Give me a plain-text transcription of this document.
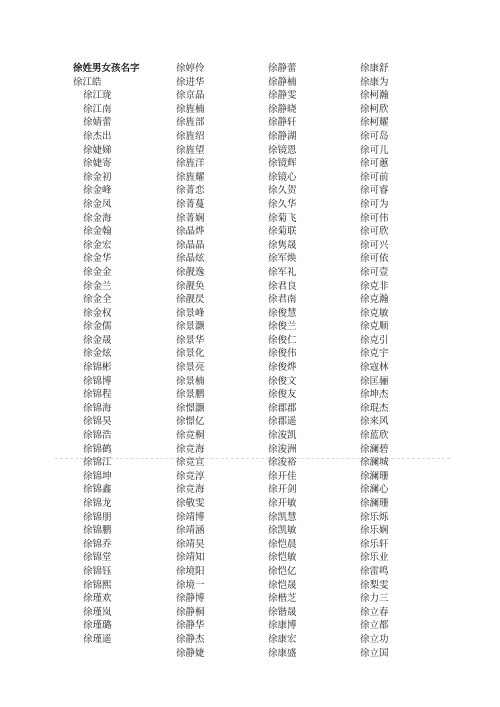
徐姓男女孩名字
徐江皓
徐江珑
徐江南
徐婧蕾
徐杰出
徐婕娣
徐婕寄
徐金初
徐金峰
徐金凤
徐金海
徐金翰
徐金宏
徐金华
徐金金
徐金兰
徐金全
徐金权
徐金儒
徐金晟
徐金炫
徐锦彬
徐锦博
徐锦程
徐锦海
徐锦昊
徐锦浩
徐锦鹤
徐锦江
徐锦坤
徐锦鑫
徐锦龙
徐锦朋
徐锦鹏
徐锦乔
徐锦堂
徐锦钰
徐锦熙
徐瑾欢
徐瑾岚
徐瑾璐
徐瑾遥
徐婷伶
徐进华
徐京晶
徐旌楠
徐旌部
徐旌绍
徐旌望
徐旌洋
徐旌耀
徐菁恋
徐菁蔓
徐菁娴
徐晶烨
徐晶晶
徐晶炫
徐靓逸
徐靓奂
徐靓昃
徐景峰
徐景灏
徐景华
徐景化
徐景亮
徐景楠
徐景鹏
徐憬灏
徐憬亿
徐竞桐
徐竞海
徐竞宣
徐竞淳
徐竞海
徐敬雯
徐靖博
徐靖涵
徐靖昊
徐靖知
徐境阳
徐境一
徐静博
徐静桐
徐静华
徐静杰
徐静婕
徐静蕾
徐静楠
徐静雯
徐静晓
徐静轩
徐静湖
徐镜恩
徐镜辉
徐镜心
徐久贺
徐久华
徐菊飞
徐菊联
徐隽晟
徐军焕
徐军礼
徐君良
徐君南
徐俊慧
徐俊兰
徐俊仁
徐俊伟
徐俊烨
徐俊文
徐俊友
徐郡郡
徐郡遥
徐浚凯
徐浚洲
徐浚裕
徐开佳
徐开剑
徐开敏
徐凯慧
徐凯敏
徐恺晨
徐恺敏
徐恺亿
徐恺晟
徐楷芝
徐锴晟
徐康博
徐康宏
徐康盛
徐康舒
徐康为
徐柯瀚
徐柯欣
徐柯耀
徐可岛
徐可儿
徐可蕙
徐可前
徐可睿
徐可为
徐可伟
徐可欣
徐可兴
徐可依
徐可壹
徐克非
徐克瀚
徐克敏
徐克顺
徐克引
徐克宇
徐寇林
徐匡骊
徐坤杰
徐琨杰
徐来风
徐蓝欣
徐澜碧
徐澜城
徐澜珊
徐澜心
徐澜珊
徐乐烁
徐乐娴
徐乐轩
徐乐业
徐雷鸣
徐梨雯
徐力三
徐立春
徐立都
徐立功
徐立国
